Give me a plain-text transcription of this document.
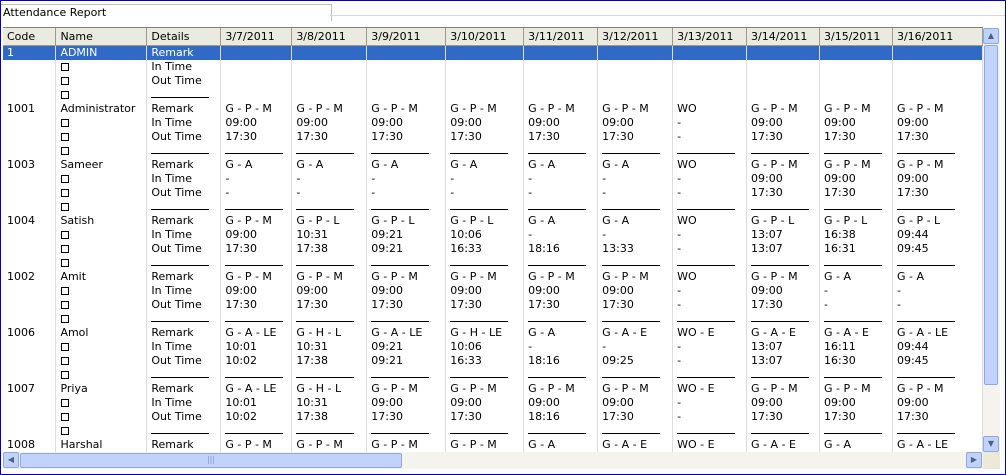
Attendance Report
Code	Name	Details	3/7/2011	3/8/2011	3/9/2011	3/10/2011	3/11/2011	3/12/2011	3/13/2011	3/14/2011	3/15/2011	3/16/2011
1	ADMIN	Remark										
		In Time										
		Out Time										

1001	Administrator	Remark	G - P - M	G - P - M	G - P - M	G - P - M	G - P - M	G - P - M	WO	G - P - M	G - P - M	G - P - M
		In Time	09:00	09:00	09:00	09:00	09:00	09:00	-	09:00	09:00	09:00
		Out Time	17:30	17:30	17:30	17:30	17:30	17:30	-	17:30	17:30	17:30

1003	Sameer	Remark	G - A	G - A	G - A	G - A	G - A	G - A	WO	G - P - M	G - P - M	G - P - M
		In Time	-	-	-	-	-	-	-	09:00	09:00	09:00
		Out Time	-	-	-	-	-	-	-	17:30	17:30	17:30

1004	Satish	Remark	G - P - M	G - P - L	G - P - L	G - P - L	G - A	G - A	WO	G - P - L	G - P - L	G - P - L
		In Time	09:00	10:31	09:21	10:06	-	-	-	13:07	16:38	09:44
		Out Time	17:30	17:38	09:21	16:33	18:16	13:33	-	13:07	16:31	09:45

1002	Amit	Remark	G - P - M	G - P - M	G - P - M	G - P - M	G - P - M	G - P - M	WO	G - P - M	G - A	G - A
		In Time	09:00	09:00	09:00	09:00	09:00	09:00	-	09:00	-	-
		Out Time	17:30	17:30	17:30	17:30	17:30	17:30	-	17:30	-	-

1006	Amol	Remark	G - A - LE	G - H - L	G - A - LE	G - H - LE	G - A	G - A - E	WO - E	G - A - E	G - A - E	G - A - LE
		In Time	10:01	10:31	09:21	10:06	-	-	-	13:07	16:11	09:44
		Out Time	10:02	17:38	09:21	16:33	18:16	09:25	-	13:07	16:30	09:45

1007	Priya	Remark	G - A - LE	G - H - L	G - P - M	G - P - M	G - P - M	G - P - M	WO - E	G - P - M	G - P - M	G - P - M
		In Time	10:01	10:31	09:00	09:00	09:00	09:00	-	09:00	09:00	09:00
		Out Time	10:02	17:38	17:30	17:30	18:16	17:30	-	17:30	17:30	17:30

1008	Harshal	Remark	G - P - M	G - P - M	G - P - M	G - P - M	G - A	G - A - E	WO - E	G - A - E	G - A	G - A - LE
▲
▼
◀	|||	▶
